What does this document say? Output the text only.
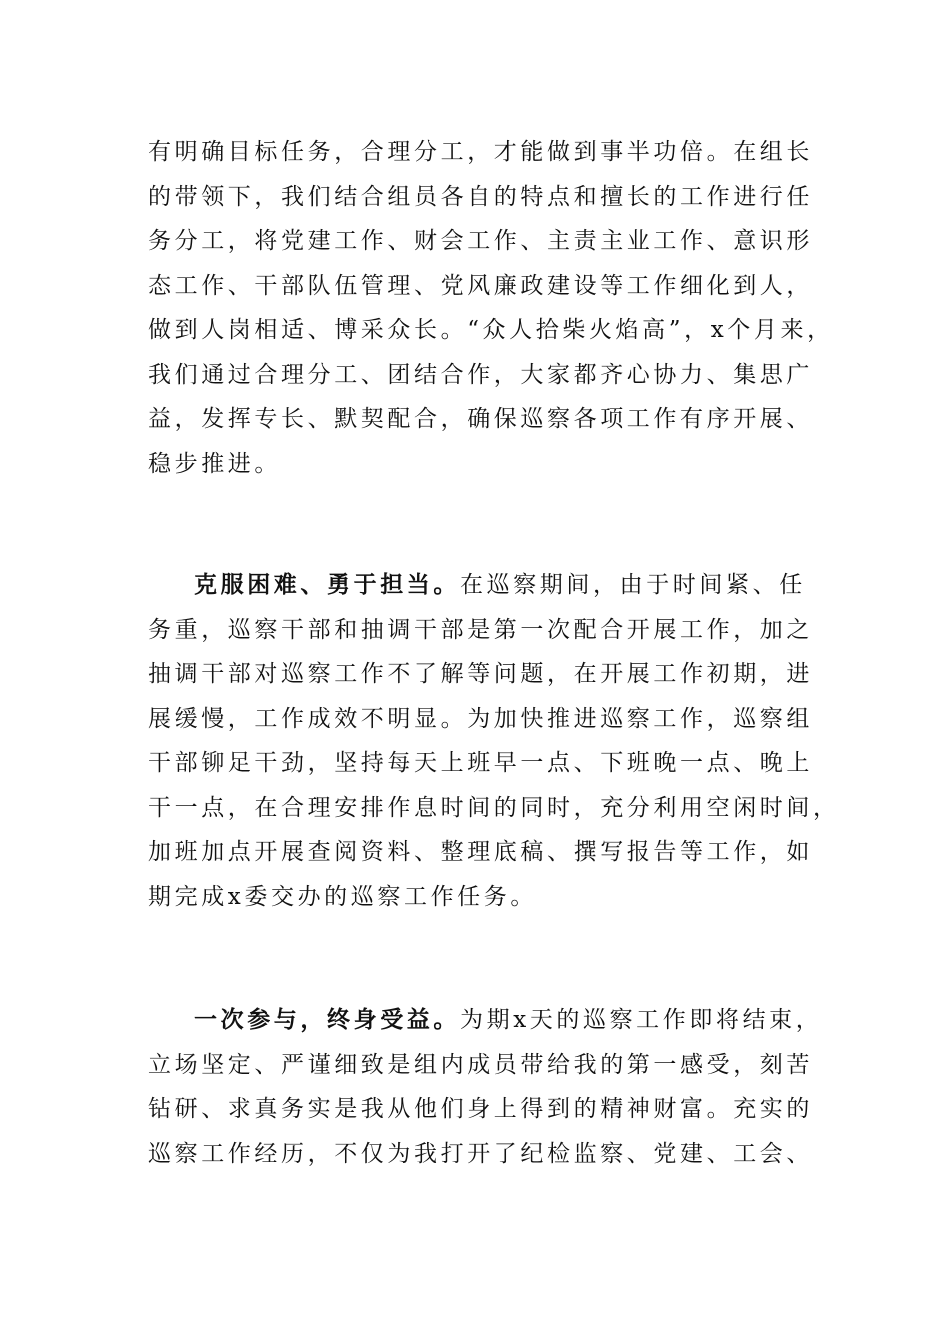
有明确目标任务，合理分工，才能做到事半功倍。在组长
的带领下，我们结合组员各自的特点和擅长的工作进行任
务分工，将党建工作、财会工作、主责主业工作、意识形
态工作、干部队伍管理、党风廉政建设等工作细化到人，
做到人岗相适、博采众长。“众人拾柴火焰高”，x个月来，
我们通过合理分工、团结合作，大家都齐心协力、集思广
益，发挥专长、默契配合，确保巡察各项工作有序开展、
稳步推进。
克服困难、勇于担当。在巡察期间，由于时间紧、任
务重，巡察干部和抽调干部是第一次配合开展工作，加之
抽调干部对巡察工作不了解等问题，在开展工作初期，进
展缓慢，工作成效不明显。为加快推进巡察工作，巡察组
干部铆足干劲，坚持每天上班早一点、下班晚一点、晚上
干一点，在合理安排作息时间的同时，充分利用空闲时间，
加班加点开展查阅资料、整理底稿、撰写报告等工作，如
期完成x委交办的巡察工作任务。
一次参与，终身受益。为期x天的巡察工作即将结束，
立场坚定、严谨细致是组内成员带给我的第一感受，刻苦
钻研、求真务实是我从他们身上得到的精神财富。充实的
巡察工作经历，不仅为我打开了纪检监察、党建、工会、
